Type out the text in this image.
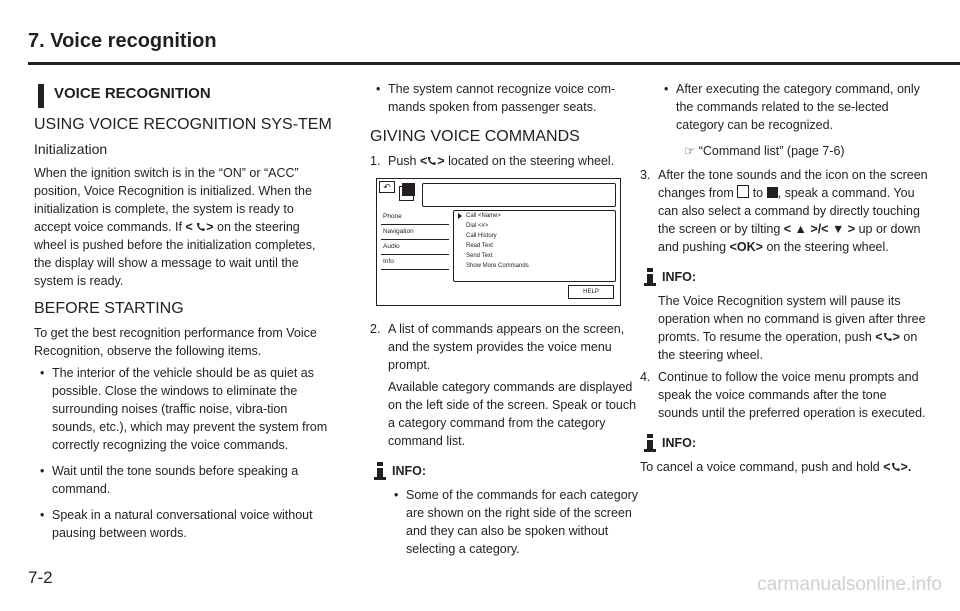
7. Voice recognition
VOICE RECOGNITION
USING VOICE RECOGNITION SYS-TEM
Initialization

When the ignition switch is in the “ON” or “ACC” position, Voice Recognition is initialized. When the initialization is complete, the system is ready to accept voice commands. If < > on the steering wheel is pushed before the initialization completes, the display will show a message to wait until the system is ready.

BEFORE STARTING

To get the best recognition performance from Voice Recognition, observe the following items.

• The interior of the vehicle should be as quiet as possible. Close the windows to eliminate the surrounding noises (traffic noise, vibra-tion sounds, etc.), which may prevent the system from correctly recognizing the voice commands.
• Wait until the tone sounds before speaking a command.
• Speak in a natural conversational voice without pausing between words.
• The system cannot recognize voice com-mands spoken from passenger seats.
GIVING VOICE COMMANDS
1. Push < > located on the steering wheel.
↶
Phone
Navigation
Audio
Info
Call <Name>
Dial <#>
Call History
Read Text
Send Text
Show More Commands
HELP
2. A list of commands appears on the screen, and the system provides the voice menu prompt.

Available category commands are displayed on the left side of the screen. Speak or touch a category command from the category command list.

INFO:
• Some of the commands for each category are shown on the right side of the screen and they can also be spoken without selecting a category.
• After executing the category command, only the commands related to the se-lected category can be recognized.

☞ “Command list” (page 7-6)

3. After the tone sounds and the icon on the screen changes from to , speak a command. You can also select a command by directly touching the screen or by tilting < ▲ >/< ▼ > up or down and pushing <OK> on the steering wheel.
INFO:

The Voice Recognition system will pause its operation when no command is given after three promts. To resume the operation, push < > on the steering wheel.

4. Continue to follow the voice menu prompts and speak the voice commands after the tone sounds until the preferred operation is executed.
INFO:

To cancel a voice command, push and hold < >.

7-2	carmanualsonline.info
